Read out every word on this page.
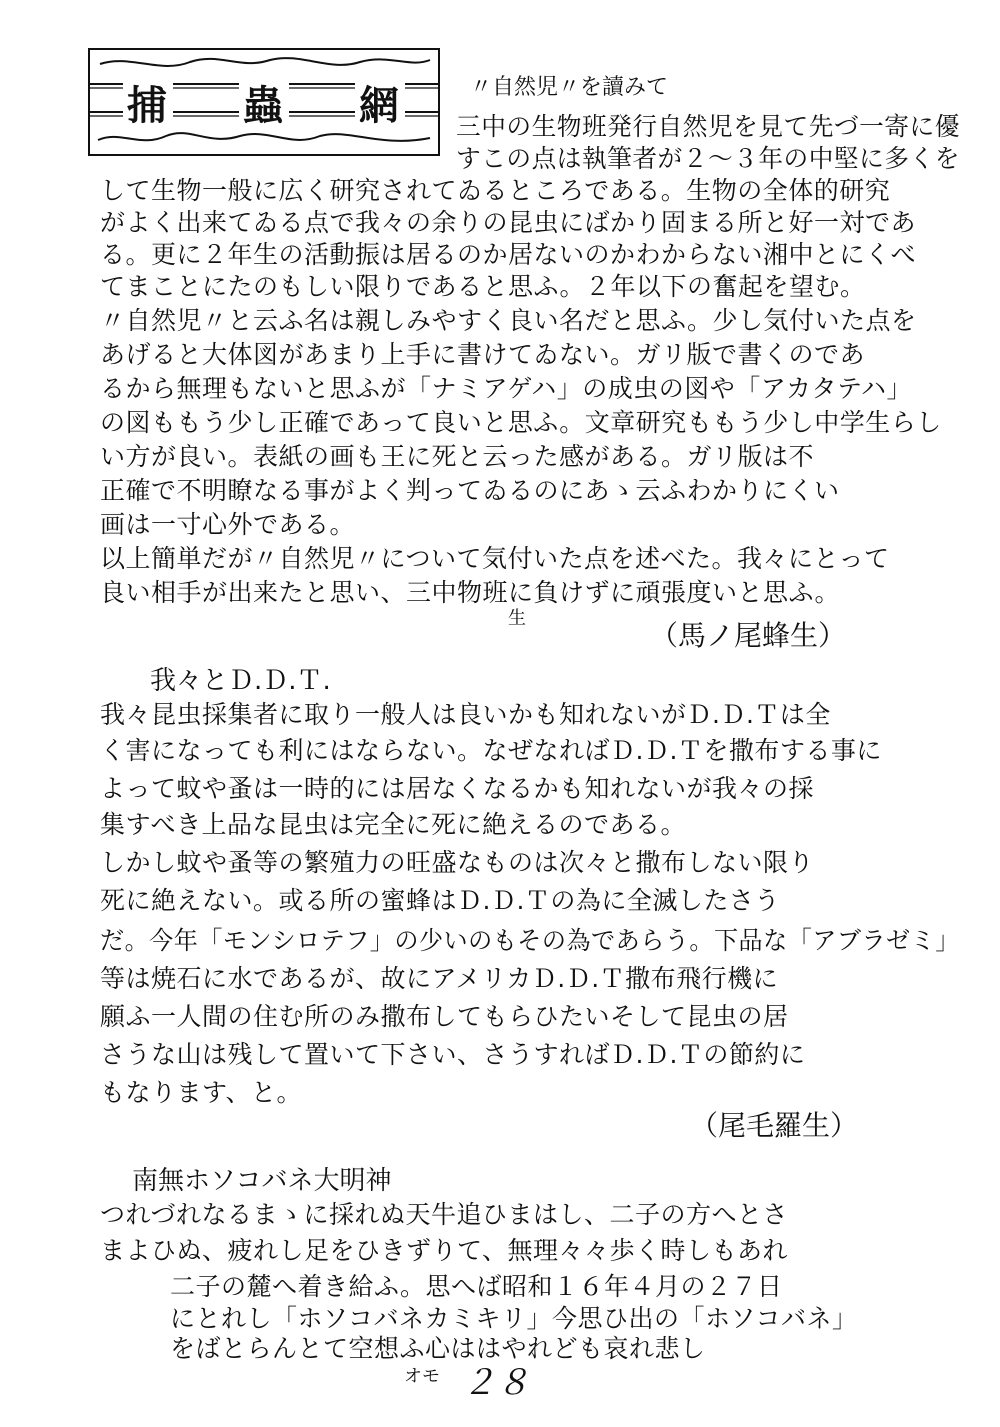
捕 蟲 網	〃自然児〃を讀みて
三中の生物班発行自然児を見て先づ一寄に優
すこの点は執筆者が２〜３年の中堅に多くを
して生物一般に広く研究されてゐるところである。生物の全体的研究
がよく出来てゐる点で我々の余りの昆虫にばかり固まる所と好一対であ
る。更に２年生の活動振は居るのか居ないのかわからない湘中とにくべ
てまことにたのもしい限りであると思ふ。２年以下の奮起を望む。
〃自然児〃と云ふ名は親しみやすく良い名だと思ふ。少し気付いた点を
あげると大体図があまり上手に書けてゐない。ガリ版で書くのであ
るから無理もないと思ふが「ナミアゲハ」の成虫の図や「アカタテハ」
の図ももう少し正確であって良いと思ふ。文章研究ももう少し中学生らし
い方が良い。表紙の画も王に死と云った感がある。ガリ版は不
正確で不明瞭なる事がよく判ってゐるのにあゝ云ふわかりにくい
画は一寸心外である。
以上簡単だが〃自然児〃について気付いた点を述べた。我々にとって
良い相手が出来たと思い、三中物班に負けずに頑張度いと思ふ。
生
（馬ノ尾蜂生）
我々とＤ.Ｄ.Ｔ.
我々昆虫採集者に取り一般人は良いかも知れないがＤ.Ｄ.Ｔは全
く害になっても利にはならない。なぜなればＤ.Ｄ.Ｔを撒布する事に
よって蚊や蚤は一時的には居なくなるかも知れないが我々の採
集すべき上品な昆虫は完全に死に絶えるのである。
しかし蚊や蚤等の繁殖力の旺盛なものは次々と撒布しない限り
死に絶えない。或る所の蜜蜂はＤ.Ｄ.Ｔの為に全滅したさう
だ。今年「モンシロテフ」の少いのもその為であらう。下品な「アブラゼミ」
等は焼石に水であるが、故にアメリカＤ.Ｄ.Ｔ撒布飛行機に
願ふ一人間の住む所のみ撒布してもらひたいそして昆虫の居
さうな山は残して置いて下さい、さうすればＤ.Ｄ.Ｔの節約に
もなります、と。
（尾毛羅生）
南無ホソコバネ大明神
つれづれなるまゝに採れぬ天牛追ひまはし、二子の方へとさ
まよひぬ、疲れし足をひきずりて、無理々々歩く時しもあれ
二子の麓へ着き給ふ。思へば昭和１６年４月の２７日
にとれし「ホソコバネカミキリ」今思ひ出の「ホソコバネ」
をばとらんとて空想ふ心ははやれども哀れ悲し
オモ ２８
